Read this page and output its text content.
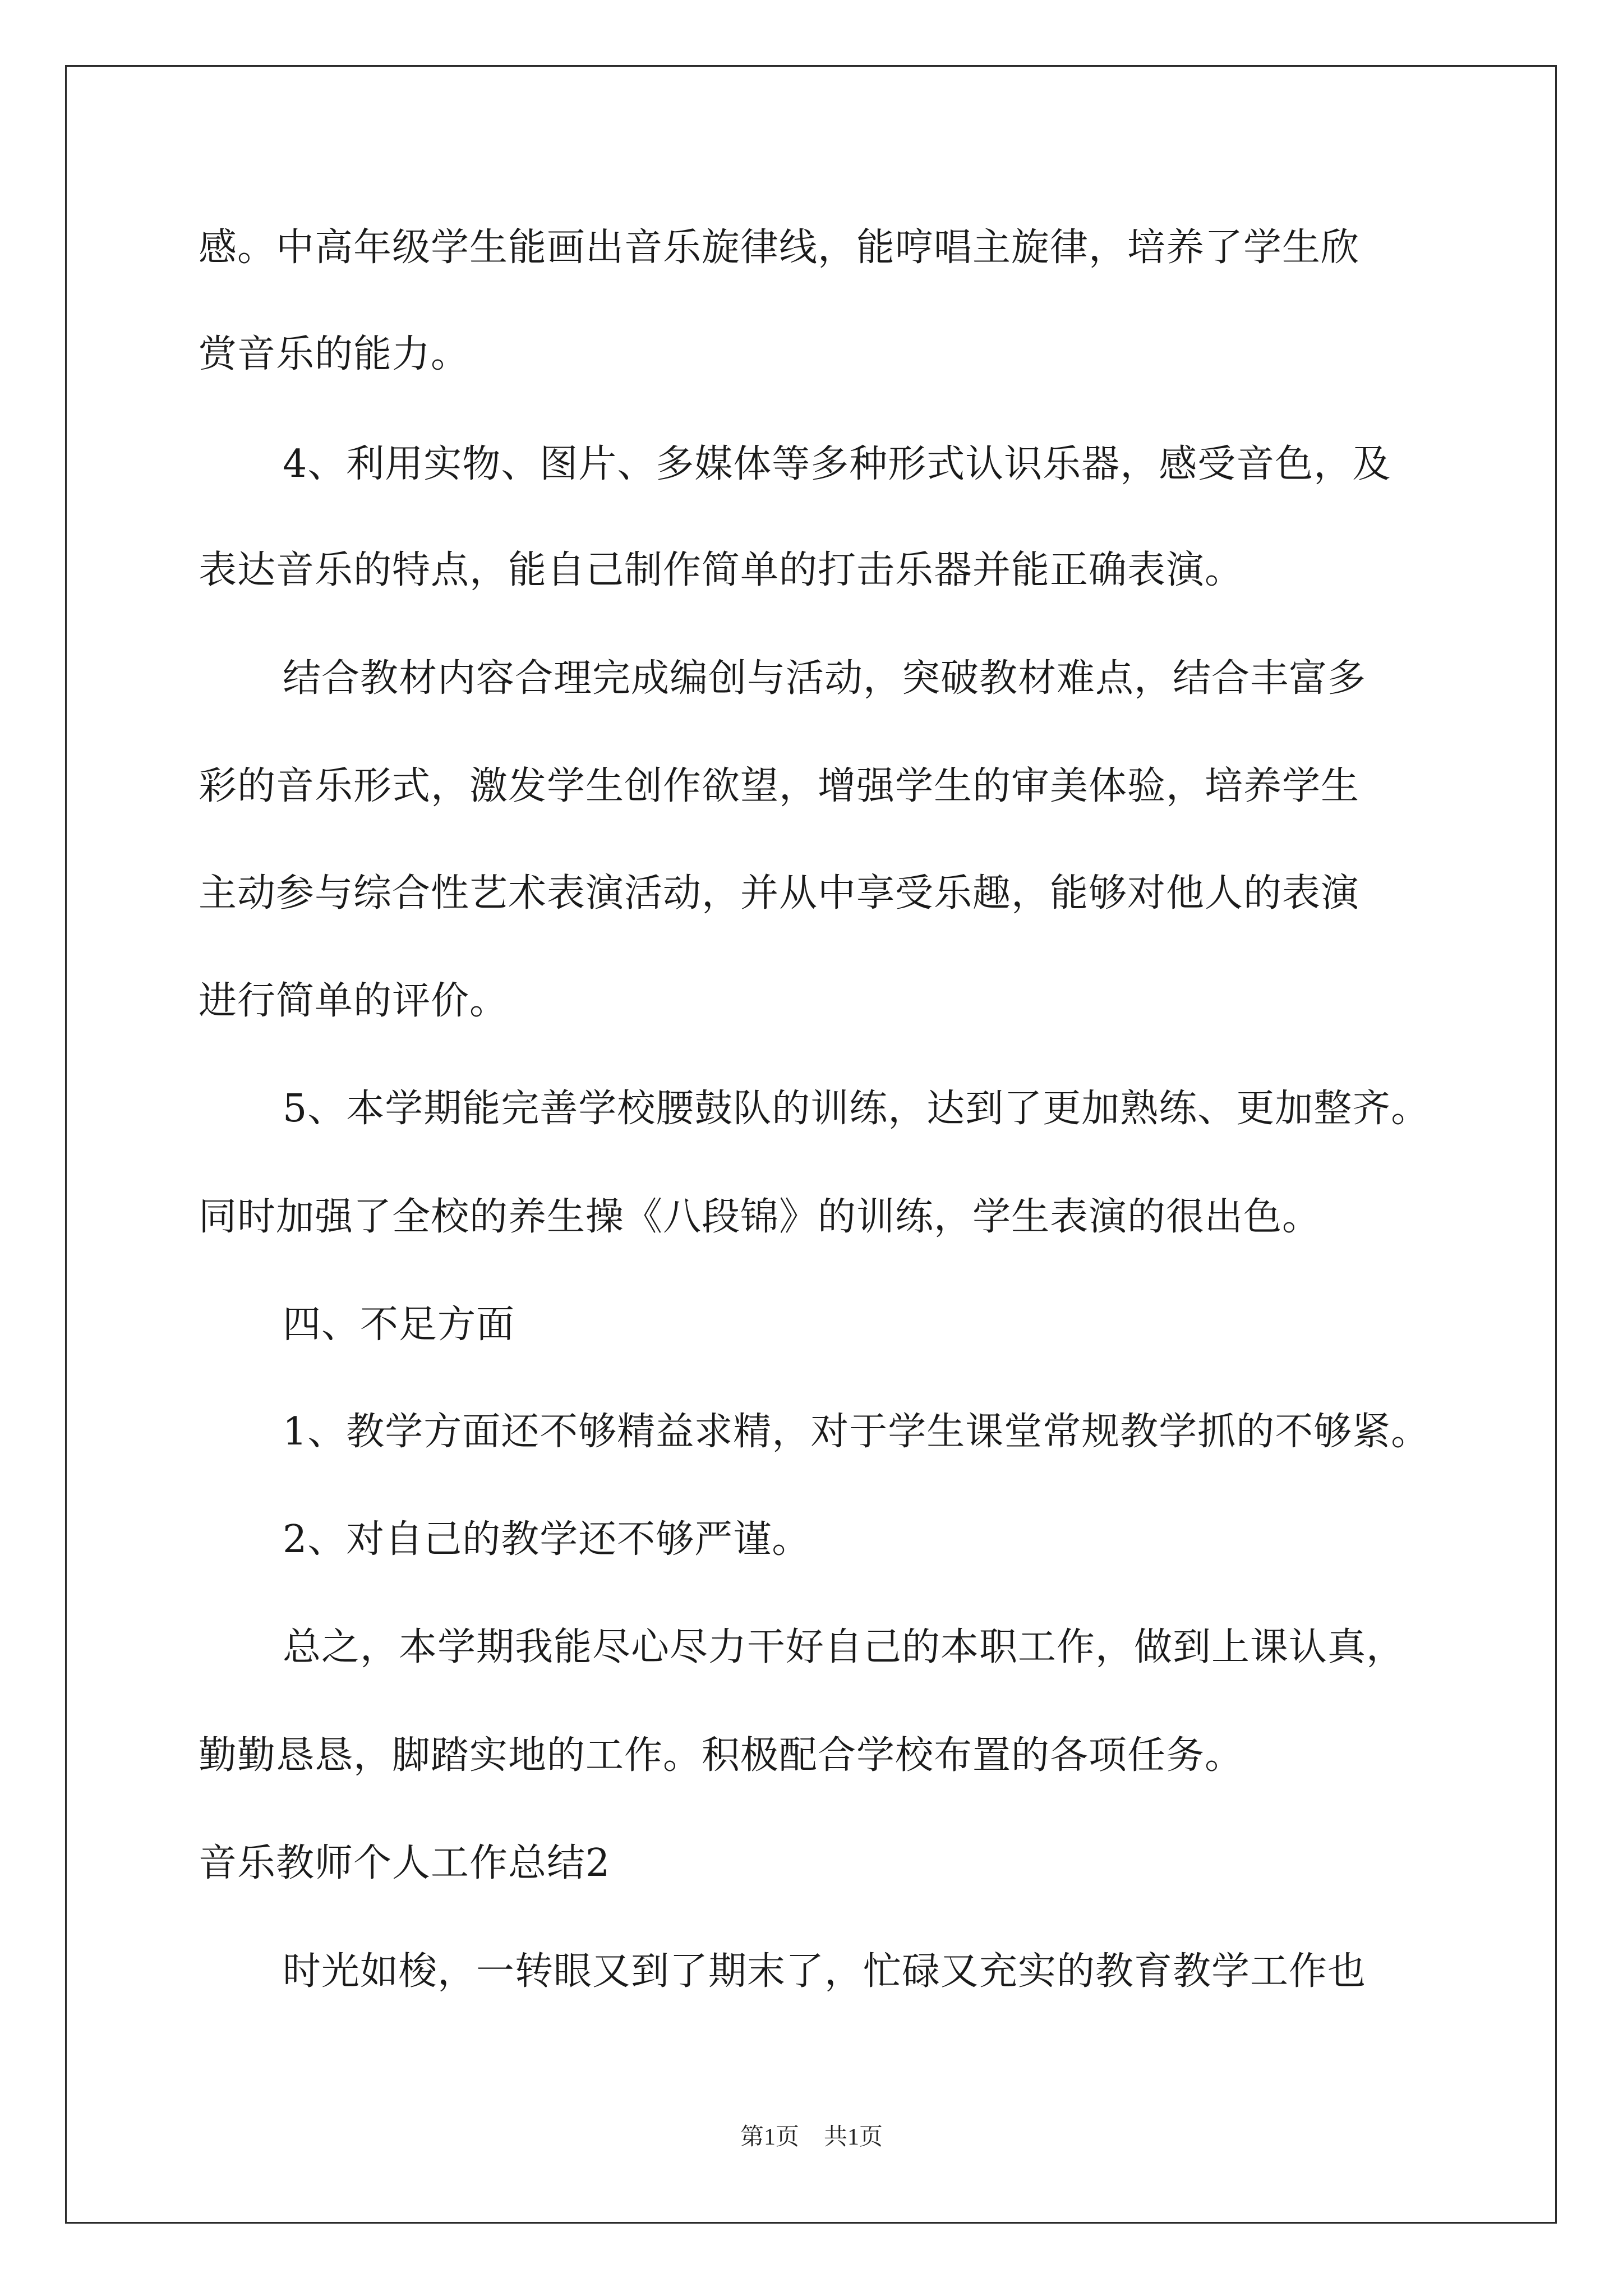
感。中高年级学生能画出音乐旋律线，能哼唱主旋律，培养了学生欣
赏音乐的能力。
4、利用实物、图片、多媒体等多种形式认识乐器，感受音色，及
表达音乐的特点，能自己制作简单的打击乐器并能正确表演。
结合教材内容合理完成编创与活动，突破教材难点，结合丰富多
彩的音乐形式，激发学生创作欲望，增强学生的审美体验，培养学生
主动参与综合性艺术表演活动，并从中享受乐趣，能够对他人的表演
进行简单的评价。
5、本学期能完善学校腰鼓队的训练，达到了更加熟练、更加整齐。
同时加强了全校的养生操《八段锦》的训练，学生表演的很出色。
四、不足方面
1、教学方面还不够精益求精，对于学生课堂常规教学抓的不够紧。
2、对自己的教学还不够严谨。
总之，本学期我能尽心尽力干好自己的本职工作，做到上课认真，
勤勤恳恳，脚踏实地的工作。积极配合学校布置的各项任务。
音乐教师个人工作总结2
时光如梭，一转眼又到了期末了，忙碌又充实的教育教学工作也
第1页 共1页
